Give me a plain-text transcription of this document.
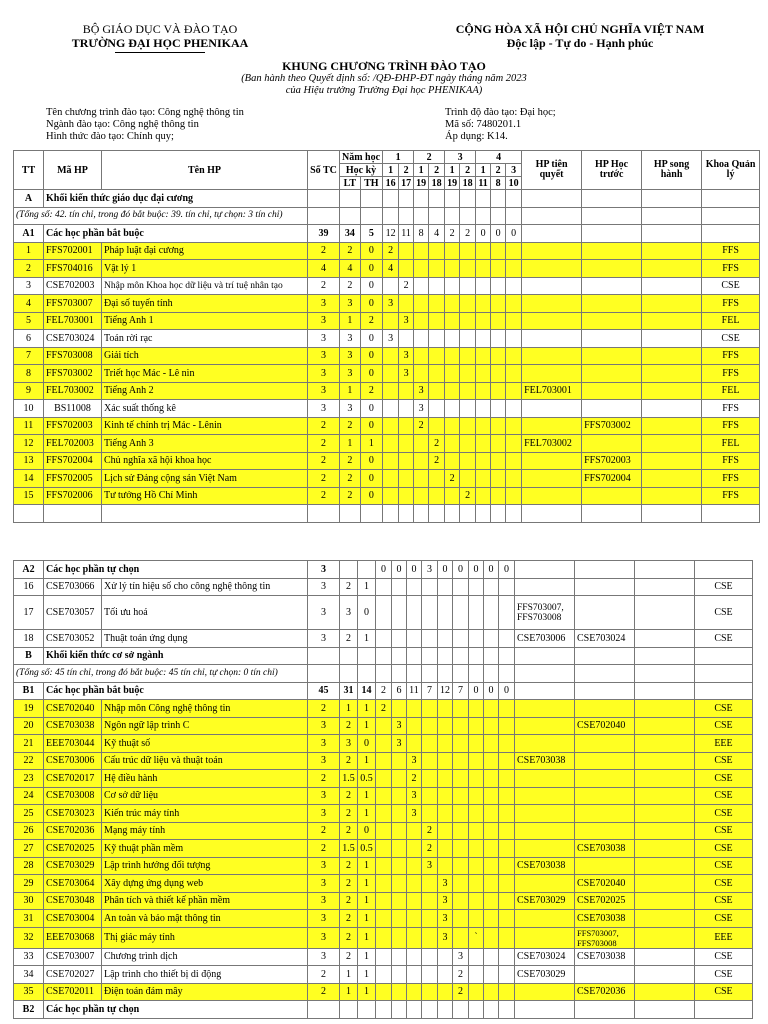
BỘ GIÁO DỤC VÀ ĐÀO TẠO
TRƯỜNG ĐẠI HỌC PHENIKAA
CỘNG HÒA XÃ HỘI CHỦ NGHĨA VIỆT NAM
Độc lập - Tự do - Hạnh phúc
KHUNG CHƯƠNG TRÌNH ĐÀO TẠO
(Ban hành theo Quyết định số: /QĐ-ĐHP-ĐT ngày tháng năm 2023
của Hiệu trưởng Trường Đại học PHENIKAA)
Tên chương trình đào tạo: Công nghệ thông tin
Ngành đào tạo: Công nghệ thông tin
Hình thức đào tạo: Chính quy;
Trình độ đào tạo: Đại học;
Mã số: 7480201.1
Áp dụng: K14.
TT	Mã HP	Tên HP	Số TC	Năm học		1		2		3		4			HP tiên quyết	HP Học trước	HP song hành	Khoa Quản lý
				Học kỳ		1	2	1	2	1	2	1	2	3				
				LT	TH	16	17	19	18	19	18	11	8	10				
A	Khối kiến thức giáo dục đại cương																	
(Tổng số: 42. tín chỉ, trong đó bắt buộc: 39. tín chỉ, tự chọn: 3 tín chỉ)																		
A1	Các học phần bắt buộc		39	34	5	12	11	8	4	2	2	0	0	0				
1	FFS702001	Pháp luật đại cương	2	2	0	2												FFS
2	FFS704016	Vật lý 1	4	4	0	4												FFS
3	CSE702003	Nhập môn Khoa học dữ liệu và trí tuệ nhân tạo	2	2	0		2											CSE
4	FFS703007	Đại số tuyến tính	3	3	0	3												FFS
5	FEL703001	Tiếng Anh 1	3	1	2		3											FEL
6	CSE703024	Toán rời rạc	3	3	0	3												CSE
7	FFS703008	Giải tích	3	3	0		3											FFS
8	FFS703002	Triết học Mác - Lê nin	3	3	0		3											FFS
9	FEL703002	Tiếng Anh 2	3	1	2			3							FEL703001			FEL
10	BS11008	Xác suất thống kê	3	3	0			3										FFS
11	FFS702003	Kinh tế chính trị Mác - Lênin	2	2	0			2								FFS703002		FFS
12	FEL702003	Tiếng Anh 3	2	1	1				2						FEL703002			FEL
13	FFS702004	Chủ nghĩa xã hội khoa học	2	2	0				2							FFS702003		FFS
14	FFS702005	Lịch sử Đảng cộng sản Việt Nam	2	2	0					2						FFS702004		FFS
15	FFS702006	Tư tưởng Hồ Chí Minh	2	2	0						2							FFS

A2	Các học phần tự chọn		3			0	0	0	3	0	0	0	0	0				
16	CSE703066	Xử lý tín hiệu số cho công nghệ thông tin	3	2	1													CSE
17	CSE703057	Tối ưu hoá	3	3	0										FFS703007, FFS703008			CSE
18	CSE703052	Thuật toán ứng dụng	3	2	1										CSE703006	CSE703024		CSE
B	Khối kiến thức cơ sở ngành																	
(Tổng số: 45 tín chỉ, trong đó bắt buộc: 45 tín chỉ, tự chọn: 0 tín chỉ)																		
B1	Các học phần bắt buộc		45	31	14	2	6	11	7	12	7	0	0	0				
19	CSE702040	Nhập môn Công nghệ thông tin	2	1	1	2												CSE
20	CSE703038	Ngôn ngữ lập trình C	3	2	1		3									CSE702040		CSE
21	EEE703044	Kỹ thuật số	3	3	0		3											EEE
22	CSE703006	Cấu trúc dữ liệu và thuật toán	3	2	1			3							CSE703038			CSE
23	CSE702017	Hệ điều hành	2	1.5	0.5			2										CSE
24	CSE703008	Cơ sở dữ liệu	3	2	1			3										CSE
25	CSE703023	Kiến trúc máy tính	3	2	1			3										CSE
26	CSE702036	Mạng máy tính	2	2	0				2									CSE
27	CSE702025	Kỹ thuật phần mềm	2	1.5	0.5				2							CSE703038		CSE
28	CSE703029	Lập trình hướng đối tượng	3	2	1				3						CSE703038			CSE
29	CSE703064	Xây dựng ứng dụng web	3	2	1					3						CSE702040		CSE
30	CSE703048	Phân tích và thiết kế phần mềm	3	2	1					3					CSE703029	CSE702025		CSE
31	CSE703004	An toàn và bảo mật thông tin	3	2	1					3						CSE703038		CSE
32	EEE703068	Thị giác máy tính	3	2	1					3		`				FFS703007, FFS703008		EEE
33	CSE703007	Chương trình dịch	3	2	1						3				CSE703024	CSE703038		CSE
34	CSE702027	Lập trình cho thiết bị di động	2	1	1						2				CSE703029			CSE
35	CSE702011	Điện toán đám mây	2	1	1						2					CSE702036		CSE
B2	Các học phần tự chọn																	
